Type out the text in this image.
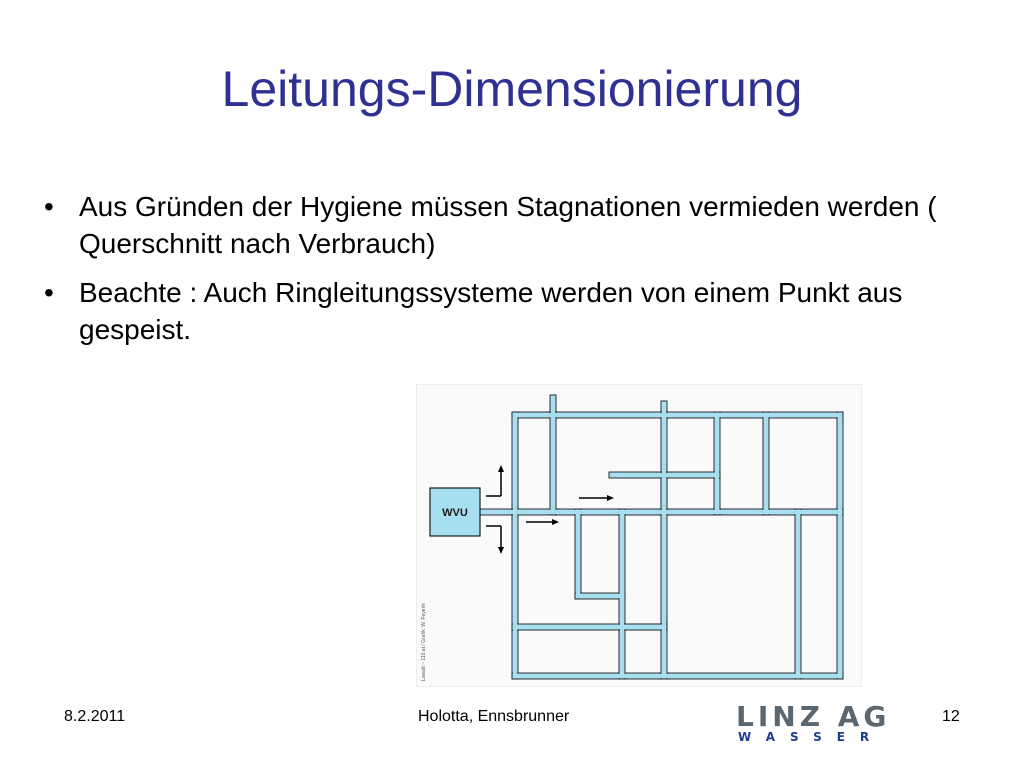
Leitungs-Dimensionierung
• Aus Gründen der Hygiene müssen Stagnationen vermieden werden ( Querschnitt nach Verbrauch)
• Beachte : Auch Ringleitungssysteme werden von einem Punkt aus gespeist.
WVU
Lowatt ~ 110.at / Grafik: W. Feyerik
8.2.2011	Holotta, Ennsbrunner	LINZ AG
WASSER
12
